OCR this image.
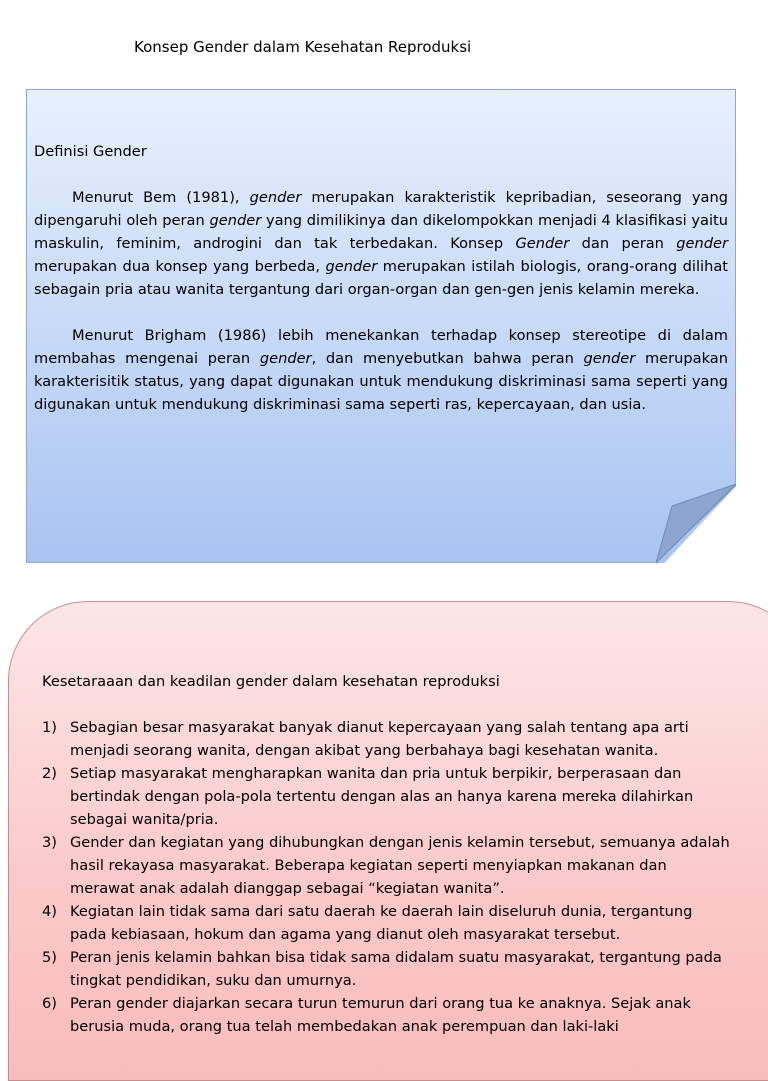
Konsep Gender dalam Kesehatan Reproduksi

Definisi Gender

Menurut Bem (1981), gender merupakan karakteristik kepribadian, seseorang yang dipengaruhi oleh peran gender yang dimilikinya dan dikelompokkan menjadi 4 klasifikasi yaitu maskulin, feminim, androgini dan tak terbedakan. Konsep Gender dan peran gender merupakan dua konsep yang berbeda, gender merupakan istilah biologis, orang-orang dilihat sebagain pria atau wanita tergantung dari organ-organ dan gen-gen jenis kelamin mereka.

Menurut Brigham (1986) lebih menekankan terhadap konsep stereotipe di dalam membahas mengenai peran gender, dan menyebutkan bahwa peran gender merupakan karakterisitik status, yang dapat digunakan untuk mendukung diskriminasi sama seperti yang digunakan untuk mendukung diskriminasi sama seperti ras, kepercayaan, dan usia.

Kesetaraaan dan keadilan gender dalam kesehatan reproduksi

1) Sebagian besar masyarakat banyak dianut kepercayaan yang salah tentang apa arti menjadi seorang wanita, dengan akibat yang berbahaya bagi kesehatan wanita.
2) Setiap masyarakat mengharapkan wanita dan pria untuk berpikir, berperasaan dan bertindak dengan pola-pola tertentu dengan alas an hanya karena mereka dilahirkan sebagai wanita/pria.
3) Gender dan kegiatan yang dihubungkan dengan jenis kelamin tersebut, semuanya adalah hasil rekayasa masyarakat. Beberapa kegiatan seperti menyiapkan makanan dan merawat anak adalah dianggap sebagai “kegiatan wanita”.
4) Kegiatan lain tidak sama dari satu daerah ke daerah lain diseluruh dunia, tergantung pada kebiasaan, hokum dan agama yang dianut oleh masyarakat tersebut.
5) Peran jenis kelamin bahkan bisa tidak sama didalam suatu masyarakat, tergantung pada tingkat pendidikan, suku dan umurnya.
6) Peran gender diajarkan secara turun temurun dari orang tua ke anaknya. Sejak anak berusia muda, orang tua telah membedakan anak perempuan dan laki-laki
